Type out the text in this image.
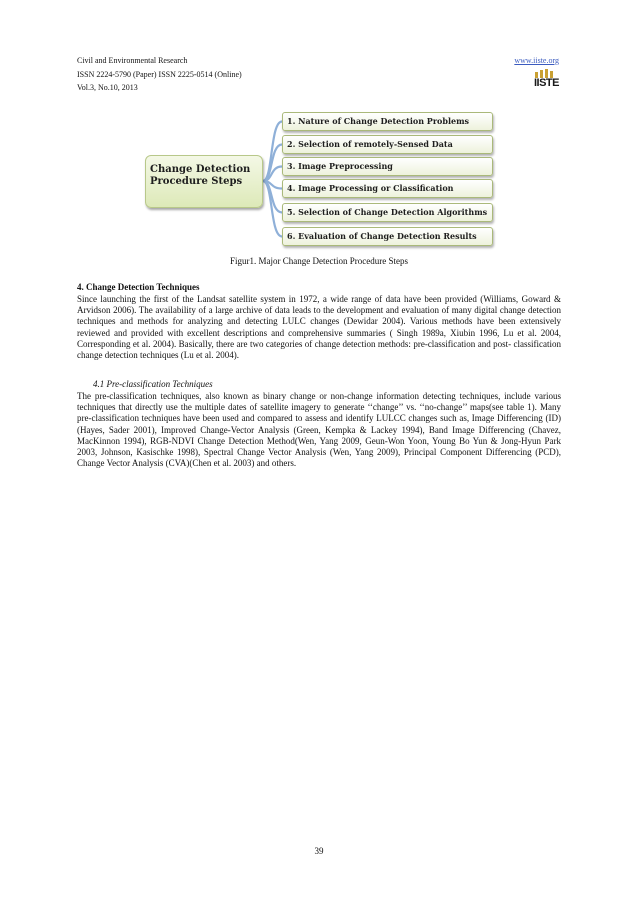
Civil and Environmental Research
ISSN 2224-5790 (Paper) ISSN 2225-0514 (Online)
Vol.3, No.10, 2013
www.iiste.org
IISTE
Change Detection Procedure Steps
1. Nature of Change Detection Problems
2. Selection of remotely-Sensed Data
3. Image Preprocessing
4. Image Processing or Classification
5. Selection of Change Detection Algorithms
6. Evaluation of Change Detection Results
Figur1. Major Change Detection Procedure Steps
4. Change Detection Techniques
Since launching the first of the Landsat satellite system in 1972, a wide range of data have been provided (Williams, Goward & Arvidson 2006). The availability of a large archive of data leads to the development and evaluation of many digital change detection techniques and methods for analyzing and detecting LULC changes (Dewidar 2004). Various methods have been extensively reviewed and provided with excellent descriptions and comprehensive summaries ( Singh 1989a, Xiubin 1996, Lu et al. 2004, Corresponding et al. 2004). Basically, there are two categories of change detection methods: pre-classification and post- classification change detection techniques (Lu et al. 2004).
4.1 Pre-classification Techniques
The pre-classification techniques, also known as binary change or non-change information detecting techniques, include various techniques that directly use the multiple dates of satellite imagery to generate ‘‘change’’ vs. ‘‘no-change’’ maps(see table 1). Many pre-classification techniques have been used and compared to assess and identify LULCC changes such as, Image Differencing (ID) (Hayes, Sader 2001), Improved Change-Vector Analysis (Green, Kempka & Lackey 1994), Band Image Differencing (Chavez, MacKinnon 1994), RGB-NDVI Change Detection Method(Wen, Yang 2009, Geun-Won Yoon, Young Bo Yun & Jong-Hyun Park 2003, Johnson, Kasischke 1998), Spectral Change Vector Analysis (Wen, Yang 2009), Principal Component Differencing (PCD), Change Vector Analysis (CVA)(Chen et al. 2003) and others.
39
